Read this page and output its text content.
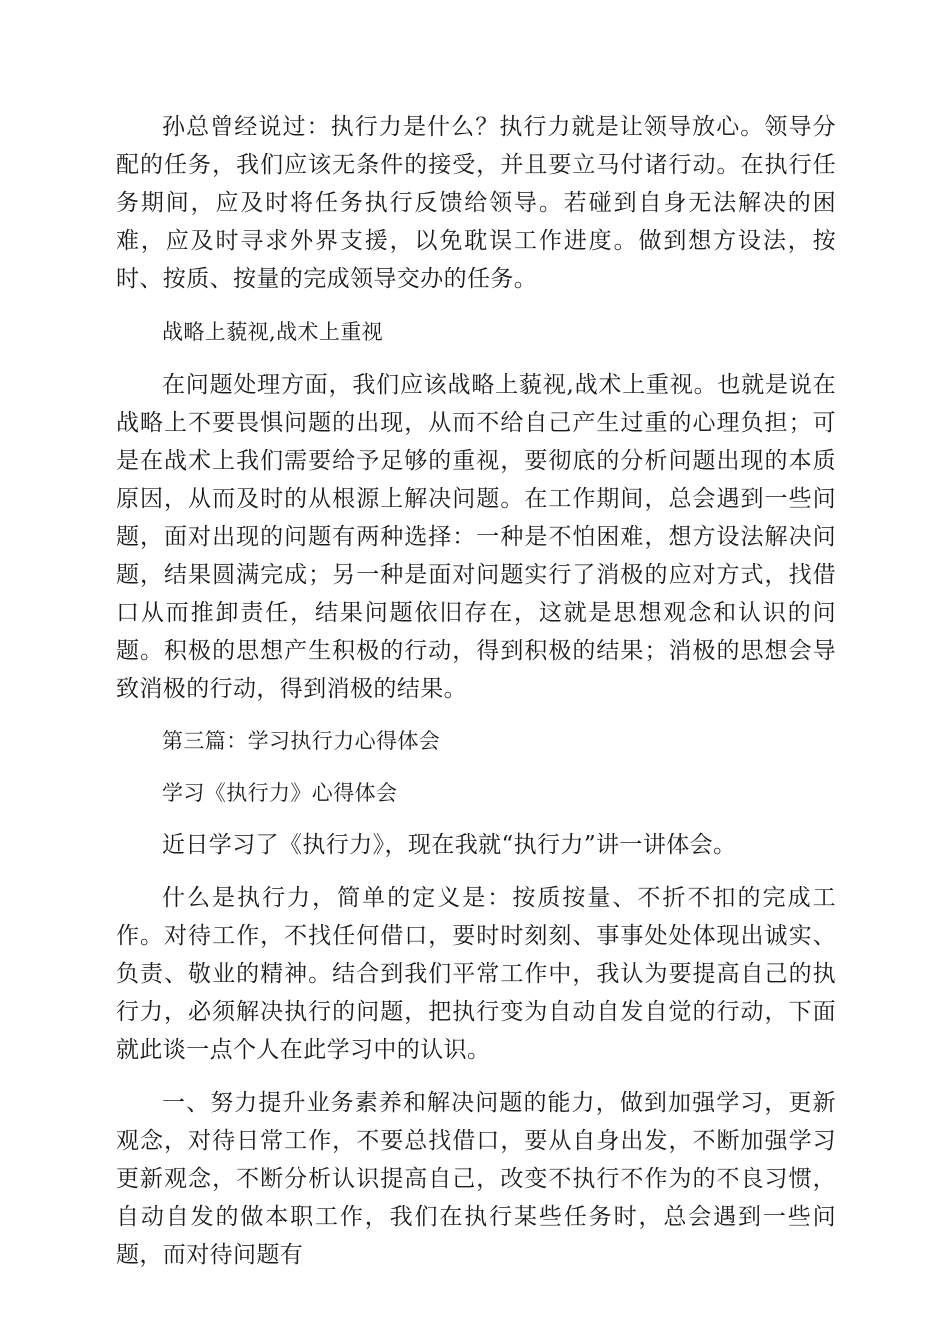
孙总曾经说过：执行力是什么？执行力就是让领导放心。领导分配的任务，我们应该无条件的接受，并且要立马付诸行动。在执行任务期间，应及时将任务执行反馈给领导。若碰到自身无法解决的困难，应及时寻求外界支援，以免耽误工作进度。做到想方设法，按时、按质、按量的完成领导交办的任务。

战略上藐视,战术上重视

在问题处理方面，我们应该战略上藐视,战术上重视。也就是说在战略上不要畏惧问题的出现，从而不给自己产生过重的心理负担；可是在战术上我们需要给予足够的重视，要彻底的分析问题出现的本质原因，从而及时的从根源上解决问题。在工作期间，总会遇到一些问题，面对出现的问题有两种选择：一种是不怕困难，想方设法解决问题，结果圆满完成；另一种是面对问题实行了消极的应对方式，找借口从而推卸责任，结果问题依旧存在，这就是思想观念和认识的问题。积极的思想产生积极的行动，得到积极的结果；消极的思想会导致消极的行动，得到消极的结果。

第三篇：学习执行力心得体会

学习《执行力》心得体会

近日学习了《执行力》，现在我就“执行力”讲一讲体会。

什么是执行力，简单的定义是：按质按量、不折不扣的完成工作。对待工作，不找任何借口，要时时刻刻、事事处处体现出诚实、负责、敬业的精神。结合到我们平常工作中，我认为要提高自己的执行力，必须解决执行的问题，把执行变为自动自发自觉的行动，下面就此谈一点个人在此学习中的认识。

一、努力提升业务素养和解决问题的能力，做到加强学习，更新观念，对待日常工作，不要总找借口，要从自身出发，不断加强学习更新观念，不断分析认识提高自己，改变不执行不作为的不良习惯，自动自发的做本职工作，我们在执行某些任务时，总会遇到一些问题，而对待问题有
